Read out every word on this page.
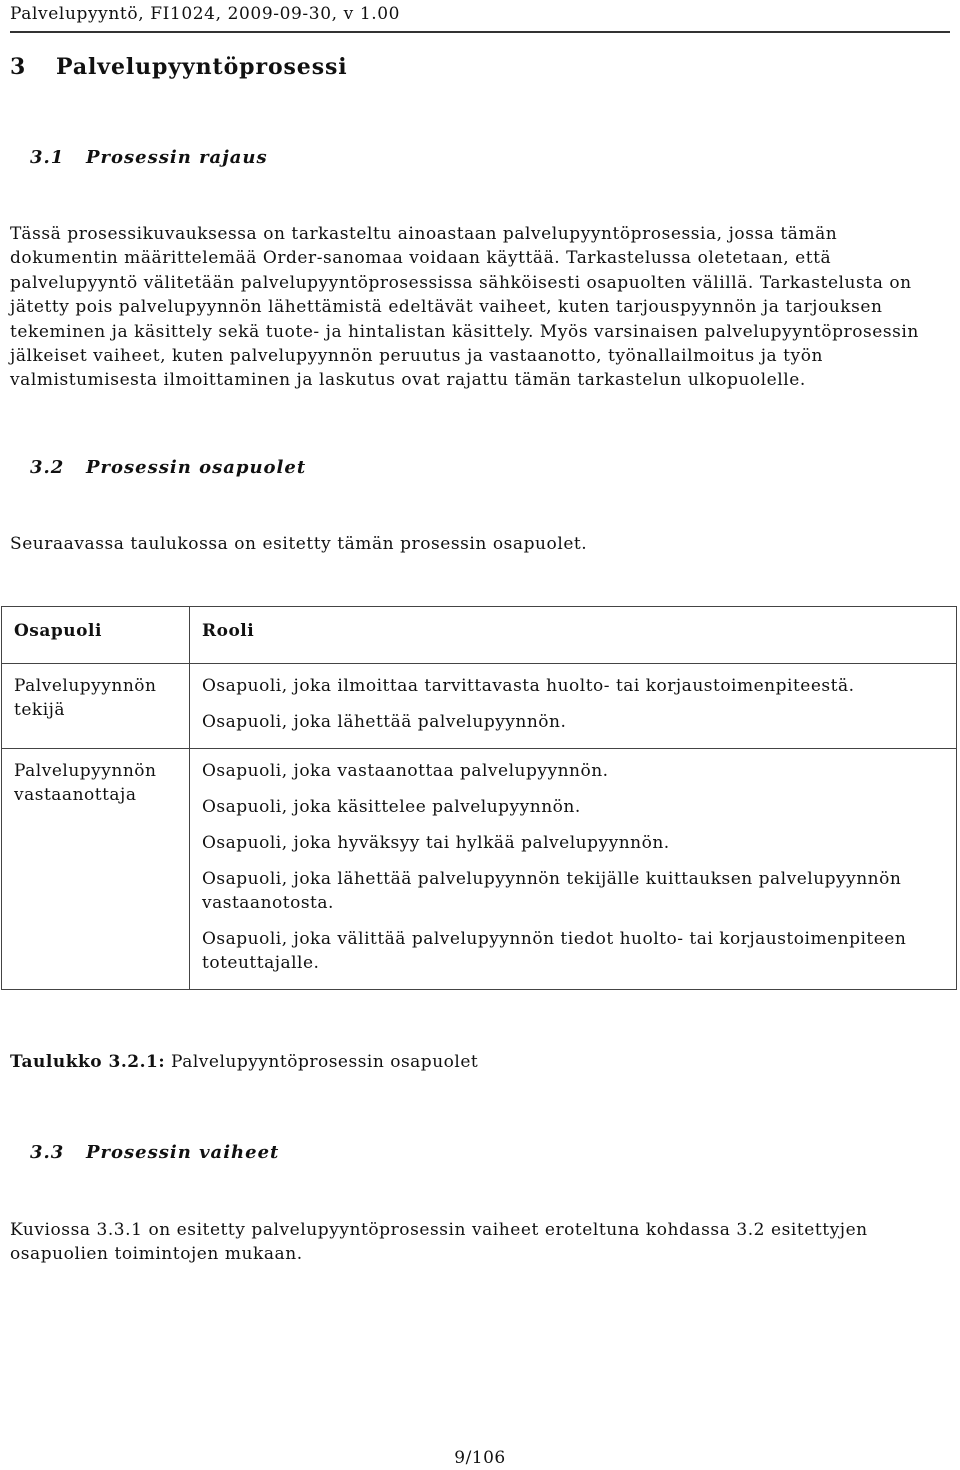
Palvelupyyntö, FI1024, 2009-09-30, v 1.00
3 Palvelupyyntöprosessi
3.1 Prosessin rajaus

Tässä prosessikuvauksessa on tarkasteltu ainoastaan palvelupyyntöprosessia, jossa tämän dokumentin määrittelemää Order-sanomaa voidaan käyttää. Tarkastelussa oletetaan, että palvelupyyntö välitetään palvelupyyntöprosessissa sähköisesti osapuolten välillä. Tarkastelusta on jätetty pois palvelupyynnön lähettämistä edeltävät vaiheet, kuten tarjouspyynnön ja tarjouksen tekeminen ja käsittely sekä tuote- ja hintalistan käsittely. Myös varsinaisen palvelupyyntöprosessin jälkeiset vaiheet, kuten palvelupyynnön peruutus ja vastaanotto, työnallailmoitus ja työn valmistumisesta ilmoittaminen ja laskutus ovat rajattu tämän tarkastelun ulkopuolelle.

3.2 Prosessin osapuolet

Seuraavassa taulukossa on esitetty tämän prosessin osapuolet.

Osapuoli	Rooli
Palvelupyynnön tekijä	Osapuoli, joka ilmoittaa tarvittavasta huolto- tai korjaustoimenpiteestä.

Osapuoli, joka lähettää palvelupyynnön.

Palvelupyynnön vastaanottaja	Osapuoli, joka vastaanottaa palvelupyynnön.

Osapuoli, joka käsittelee palvelupyynnön.

Osapuoli, joka hyväksyy tai hylkää palvelupyynnön.

Osapuoli, joka lähettää palvelupyynnön tekijälle kuittauksen palvelupyynnön vastaanotosta.

Osapuoli, joka välittää palvelupyynnön tiedot huolto- tai korjaustoimenpiteen toteuttajalle.

Taulukko 3.2.1: Palvelupyyntöprosessin osapuolet
3.3 Prosessin vaiheet

Kuviossa 3.3.1 on esitetty palvelupyyntöprosessin vaiheet eroteltuna kohdassa 3.2 esitettyjen osapuolien toimintojen mukaan.

9/106
